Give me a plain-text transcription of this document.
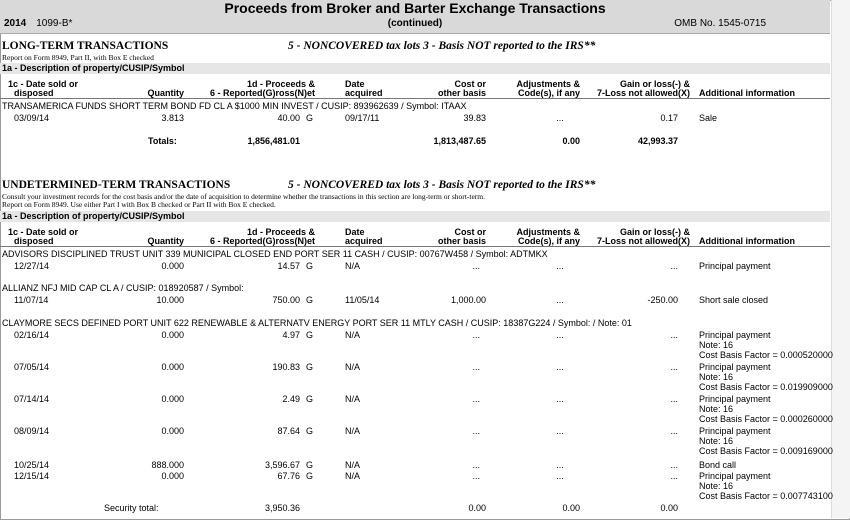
Proceeds from Broker and Barter Exchange Transactions
2014 1099-B*	(continued)	OMB No. 1545-0715
LONG-TERM TRANSACTIONS	5 - NONCOVERED tax lots 3 - Basis NOT reported to the IRS**
Report on Form 8949, Part II, with Box E checked
1a - Description of property/CUSIP/Symbol
1c - Date sold or
disposed	Quantity
1d - Proceeds &
6 - Reported(G)ross(N)et
Date
acquired
Cost or
other basis
Adjustments &
Code(s), if any
Gain or loss(-) &
7-Loss not allowed(X) Additional information
TRANSAMERICA FUNDS SHORT TERM BOND FD CL A $1000 MIN INVEST / CUSIP: 893962639 / Symbol: ITAAX
03/09/14	3.813	40.00 G	09/17/11	39.83	...	0.17 Sale
Totals:	1,856,481.01	1,813,487.65	0.00	42,993.37
UNDETERMINED-TERM TRANSACTIONS	5 - NONCOVERED tax lots 3 - Basis NOT reported to the IRS**
Consult your investment records for the cost basis and/or the date of acquisition to determine whether the transactions in this section are long-term or short-term.
Report on Form 8949. Use either Part I with Box B checked or Part II with Box E checked.
1a - Description of property/CUSIP/Symbol
1c - Date sold or
disposed	Quantity
1d - Proceeds &
6 - Reported(G)ross(N)et
Date
acquired
Cost or
other basis
Adjustments &
Code(s), if any
Gain or loss(-) &
7-Loss not allowed(X) Additional information
ADVISORS DISCIPLINED TRUST UNIT 339 MUNICIPAL CLOSED END PORT SER 11 CASH / CUSIP: 00767W458 / Symbol: ADTMKX
12/27/14	0.000	14.57 G	N/A	...	...	... Principal payment
ALLIANZ NFJ MID CAP CL A / CUSIP: 018920587 / Symbol:
11/07/14	10.000	750.00 G	11/05/14	1,000.00	...	-250.00 Short sale closed
CLAYMORE SECS DEFINED PORT UNIT 622 RENEWABLE & ALTERNATV ENERGY PORT SER 11 MTLY CASH / CUSIP: 18387G224 / Symbol: / Note: 01
02/16/14	0.000	4.97 G	N/A	...	...	... Principal payment
Note: 16
Cost Basis Factor = 0.000520000
07/05/14	0.000	190.83 G	N/A	...	...	... Principal payment
Note: 16
Cost Basis Factor = 0.019909000
07/14/14	0.000	2.49 G	N/A	...	...	... Principal payment
Note: 16
Cost Basis Factor = 0.000260000
08/09/14	0.000	87.64 G	N/A	...	...	... Principal payment
Note: 16
Cost Basis Factor = 0.009169000
10/25/14	888.000	3,596.67 G	N/A	...	...	... Bond call
12/15/14	0.000	67.76 G	N/A	...	...	... Principal payment
Note: 16
Cost Basis Factor = 0.007743100
Security total:	3,950.36	0.00	0.00	0.00
